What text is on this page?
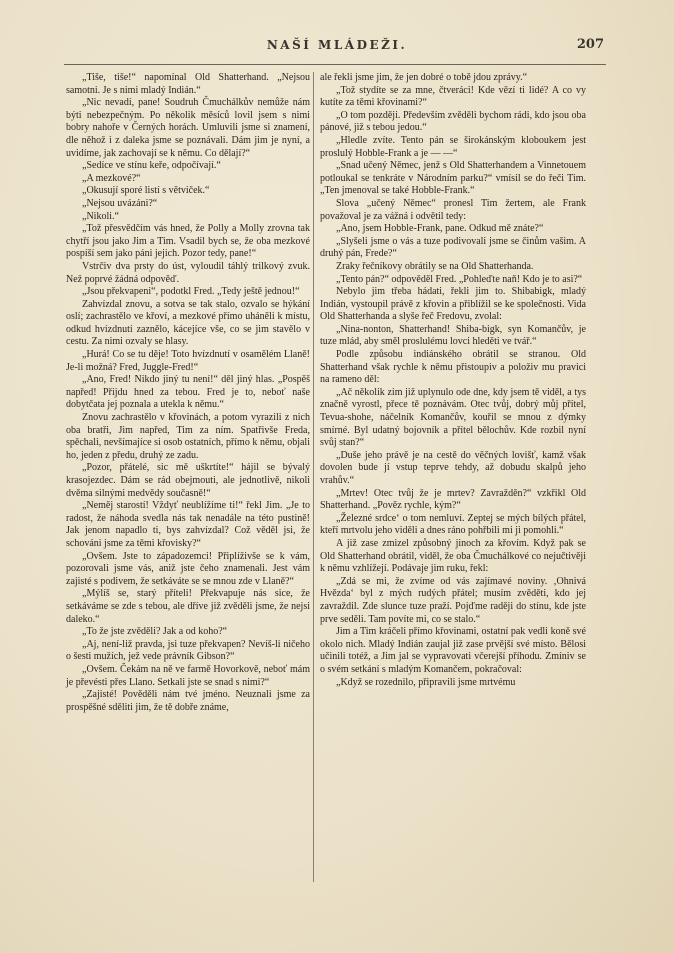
NAŠÍ MLÁDEŽI.	207

„Tiše, tiše!“ napomínal Old Shatterhand. „Nejsou samotni. Je s nimi mladý Indián.“

„Nic nevadí, pane! Soudruh Čmuchálkův nemůže nám býti nebezpečným. Po několik měsíců lovil jsem s nimi bobry nahoře v Černých horách. Umluvili jsme si znamení, dle něhož i z daleka jsme se poznávali. Dám jim je nyní, a uvidíme, jak zachovají se k němu. Co dělají?“

„Sedíce ve stínu keře, odpočívají.“

„A mezkové?“

„Okusují sporé listí s větviček.“

„Nejsou uvázáni?“

„Nikoli.“

„Tož přesvědčím vás hned, že Polly a Molly zrovna tak chytří jsou jako Jim a Tim. Vsadil bych se, že oba mezkové pospíší sem jako páni jejich. Pozor tedy, pane!“

Vstrčiv dva prsty do úst, vyloudil táhlý trilkový zvuk. Než poprvé žádná odpověď.

„Jsou překvapeni“, podotkl Fred. „Tedy ještě jednou!“

Zahvízdal znovu, a sotva se tak stalo, ozvalo se hýkání oslí; zachrastělo ve křoví, a mezkové přímo uháněli k místu, odkud hvízdnutí zaznělo, kácejíce vše, co se jim stavělo v cestu. Za nimi ozvaly se hlasy.

„Hurá! Co se tu děje! Toto hvízdnutí v osamělém Llaně! Je-li možná? Fred, Juggle-Fred!“

„Ano, Fred! Nikdo jiný tu není!“ děl jiný hlas. „Pospěš napřed! Přijdu hned za tebou. Fred je to, neboť naše dobytčata jej poznala a utekla k němu.“

Znovu zachrastělo v křovinách, a potom vyrazili z nich oba bratři, Jim napřed, Tim za ním. Spatřivše Freda, spěchali, nevšímajíce si osob ostatních, přímo k němu, objali ho, jeden z předu, druhý ze zadu.

„Pozor, přátelé, sic mě uškrtíte!“ hájil se bývalý krasojezdec. Dám se rád obejmouti, ale jednotlivě, nikoli dvěma silnými medvědy současně!“

„Neměj starostí! Vždyť neublížíme ti!“ řekl Jim. „Je to radost, že náhoda svedla nás tak nenadále na této pustině! Jak jenom napadlo ti, bys zahvízdal? Což věděl jsi, že schováni jsme za těmi křovisky?“

„Ovšem. Jste to západozemci! Připlíživše se k vám, pozorovali jsme vás, aniž jste čeho znamenali. Jest vám zajisté s podivem, že setkáváte se se mnou zde v Llaně?“

„Mýlíš se, starý příteli! Překvapuje nás sice, že setkáváme se zde s tebou, ale dříve již zvěděli jsme, že nejsi daleko.“

„To že jste zvěděli? Jak a od koho?“

„Aj, není-liž pravda, jsi tuze překvapen? Nevíš-li ničeho o šesti mužích, jež vede právník Gibson?“

„Ovšem. Čekám na ně ve farmě Hovorkově, neboť mám je převésti přes Llano. Setkali jste se snad s nimi?“

„Zajisté! Pověděli nám tvé jméno. Neuznali jsme za prospěšné sděliti jim, že tě dobře známe,

ale řekli jsme jim, že jen dobré o tobě jdou zprávy.“

„Tož stydíte se za mne, čtveráci! Kde vězí ti lidé? A co vy kutíte za těmi křovinami?“

„O tom později. Především zvěděli bychom rádi, kdo jsou oba pánové, již s tebou jedou.“

„Hledle zvíte. Tento pán se širokánským kloboukem jest proslulý Hobble-Frank a je — —“

„Snad učený Němec, jenž s Old Shatterhandem a Vinnetouem potloukal se tenkráte v Národním parku?“ vmísil se do řeči Tim. „Ten jmenoval se také Hobble-Frank.“

Slova „učený Němec“ pronesl Tim žertem, ale Frank považoval je za vážná i odvětil tedy:

„Ano, jsem Hobble-Frank, pane. Odkud mě znáte?“

„Slyšeli jsme o vás a tuze podivovali jsme se činům vašim. A druhý pán, Frede?“

Zraky řečníkovy obrátily se na Old Shatterhanda.

„Tento pán?“ odpověděl Fred. „Pohleďte naň! Kdo je to asi?“

Nebylo jim třeba hádati, řekli jim to. Shibabigk, mladý Indián, vystoupil právě z křovin a přiblížil se ke společnosti. Vida Old Shatterhanda a slyše řeč Fredovu, zvolal:

„Nina-nonton, Shatterhand! Shiba-bigk, syn Komančův, je tuze mlád, aby směl proslulému lovci hleděti ve tvář.“

Podle způsobu indiánského obrátil se stranou. Old Shatterhand však rychle k němu přistoupiv a položiv mu pravici na rameno děl:

„Ač několik zim již uplynulo ode dne, kdy jsem tě viděl, a tys značně vyrostl, přece tě poznávám. Otec tvůj, dobrý můj přítel, Tevua-shohe, náčelník Komančův, kouřil se mnou z dýmky smírné. Byl udatný bojovník a přítel bělochův. Kde rozbil nyní svůj stan?“

„Duše jeho právě je na cestě do věčných lovišť, kamž však dovolen bude jí vstup teprve tehdy, až dobudu skalpů jeho vrahův.“

„Mrtev! Otec tvůj že je mrtev? Zavražděn?“ vzkřikl Old Shatterhand. „Pověz rychle, kým?“

„Železné srdce‘ o tom nemluví. Zeptej se mých bílých přátel, kteří mrtvolu jeho viděli a dnes ráno pohřbili mi ji pomohli.“

A již zase zmizel způsobný jinoch za křovím. Když pak se Old Shatterhand obrátil, viděl, že oba Čmuchálkové co nejučtivěji k němu vzhlížejí. Podávaje jim ruku, řekl:

„Zdá se mi, že zvíme od vás zajímavé noviny. ‚Ohnivá Hvězda‘ byl z mých rudých přátel; musím zvěděti, kdo jej zavraždil. Zde slunce tuze praží. Pojďme raději do stínu, kde jste prve seděli. Tam povíte mi, co se stalo.“

Jim a Tim kráčeli přímo křovinami, ostatní pak vedli koně své okolo nich. Mladý Indián zaujal již zase prvější své místo. Bělosi učinili totéž, a Jim jal se vypravovati včerejší příhodu. Zmíniv se o svém setkání s mladým Komančem, pokračoval:

„Když se rozednilo, připravili jsme mrtvému
